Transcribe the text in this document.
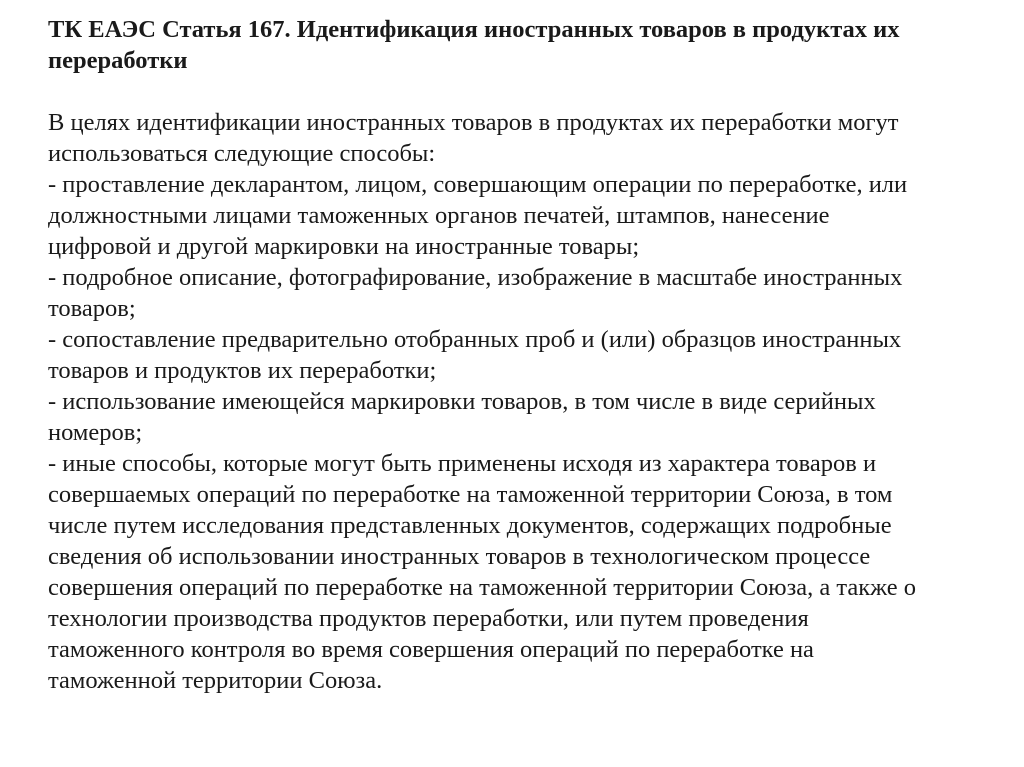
ТК ЕАЭС Статья 167. Идентификация иностранных товаров в продуктах их
переработки

В целях идентификации иностранных товаров в продуктах их переработки могут
использоваться следующие способы:
- проставление декларантом, лицом, совершающим операции по переработке, или
должностными лицами таможенных органов печатей, штампов, нанесение
цифровой и другой маркировки на иностранные товары;
- подробное описание, фотографирование, изображение в масштабе иностранных
товаров;
- сопоставление предварительно отобранных проб и (или) образцов иностранных
товаров и продуктов их переработки;
- использование имеющейся маркировки товаров, в том числе в виде серийных
номеров;
- иные способы, которые могут быть применены исходя из характера товаров и
совершаемых операций по переработке на таможенной территории Союза, в том
числе путем исследования представленных документов, содержащих подробные
сведения об использовании иностранных товаров в технологическом процессе
совершения операций по переработке на таможенной территории Союза, а также о
технологии производства продуктов переработки, или путем проведения
таможенного контроля во время совершения операций по переработке на
таможенной территории Союза.
